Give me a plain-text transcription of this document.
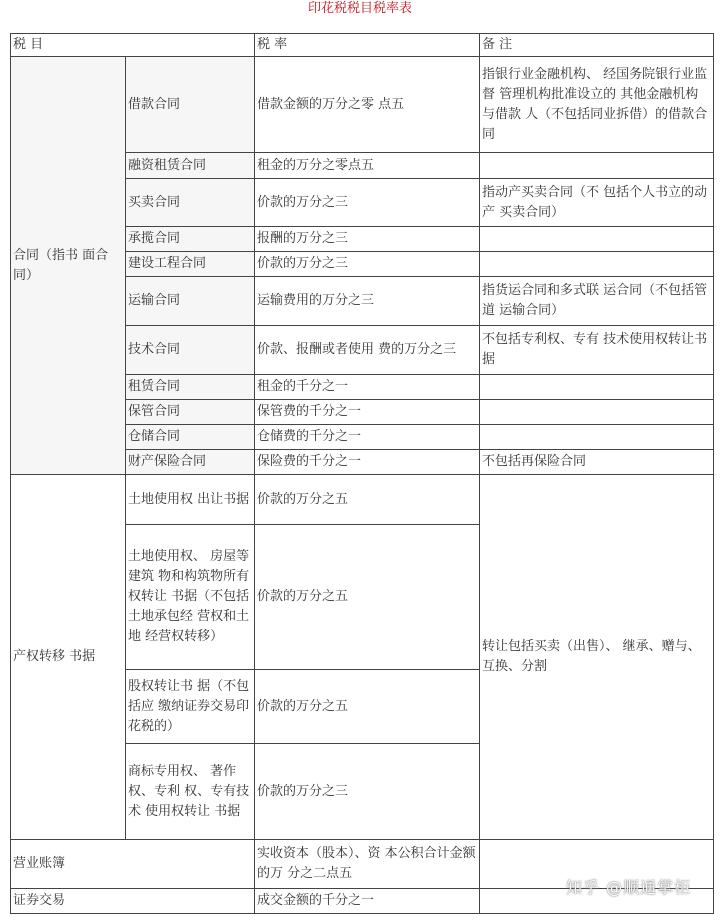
印花税税目税率表
税 目		税 率	备 注
合同（指书 面合同）	借款合同	借款金额的万分之零 点五	指银行业金融机构、 经国务院银行业监督 管理机构批准设立的 其他金融机构与借款 人（不包括同业拆借）的借款合同
	融资租赁合同	租金的万分之零点五	
	买卖合同	价款的万分之三	指动产买卖合同（不 包括个人书立的动产 买卖合同）
	承揽合同	报酬的万分之三	
	建设工程合同	价款的万分之三	
	运输合同	运输费用的万分之三	指货运合同和多式联 运合同（不包括管道 运输合同）
	技术合同	价款、报酬或者使用 费的万分之三	不包括专利权、专有 技术使用权转让书据
	租赁合同	租金的千分之一	
	保管合同	保管费的千分之一	
	仓储合同	仓储费的千分之一	
	财产保险合同	保险费的千分之一	不包括再保险合同
产权转移 书据	土地使用权 出让书据	价款的万分之五	转让包括买卖（出售）、 继承、赠与、互换、分割
	土地使用权、 房屋等建筑 物和构筑物所有权转让 书据（不包括 土地承包经 营权和土地 经营权转移）	价款的万分之五	
	股权转让书 据（不包括应 缴纳证券交易印花税的）	价款的万分之五	
	商标专用权、 著作权、专利 权、专有技术 使用权转让 书据	价款的万分之三	
营业账簿		实收资本（股本）、资 本公积合计金额的万 分之二点五	
证券交易		成交金额的千分之一	
知乎 @顺通掌柜
